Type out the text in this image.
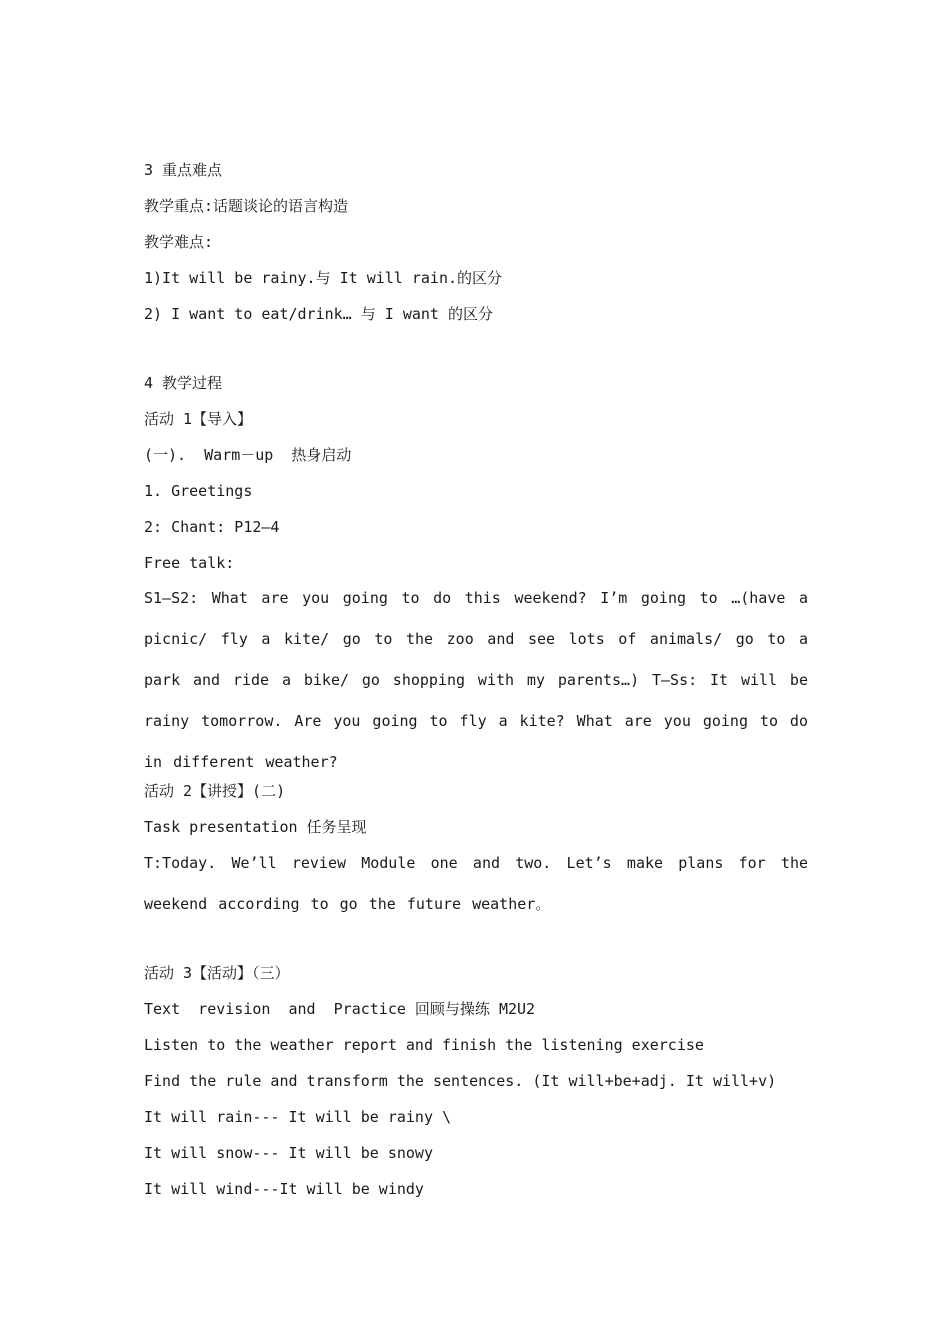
3 重点难点
教学重点:话题谈论的语言构造
教学难点:
1)It will be rainy.与 It will rain.的区分
2) I want to eat/drink… 与 I want 的区分
4 教学过程
活动 1【导入】
(一).  Warm－up  热身启动
1. Greetings
2: Chant: P12—4
Free talk:
S1—S2: What are you going to do this weekend? I’m going to …(have a picnic/ fly a kite/ go to the zoo and see lots of animals/ go to a park and ride a bike/ go shopping with my parents…) T—Ss: It will be rainy tomorrow. Are you going to fly a kite? What are you going to do in different weather?
活动 2【讲授】(二)
Task presentation 任务呈现
T:Today. We’ll review Module one and two. Let’s make plans for the weekend according to go the future weather。
活动 3【活动】（三）
Text  revision  and  Practice 回顾与操练 M2U2
Listen to the weather report and finish the listening exercise
Find the rule and transform the sentences. (It will+be+adj. It will+v)
It will rain--- It will be rainy \
It will snow--- It will be snowy
It will wind---It will be windy
